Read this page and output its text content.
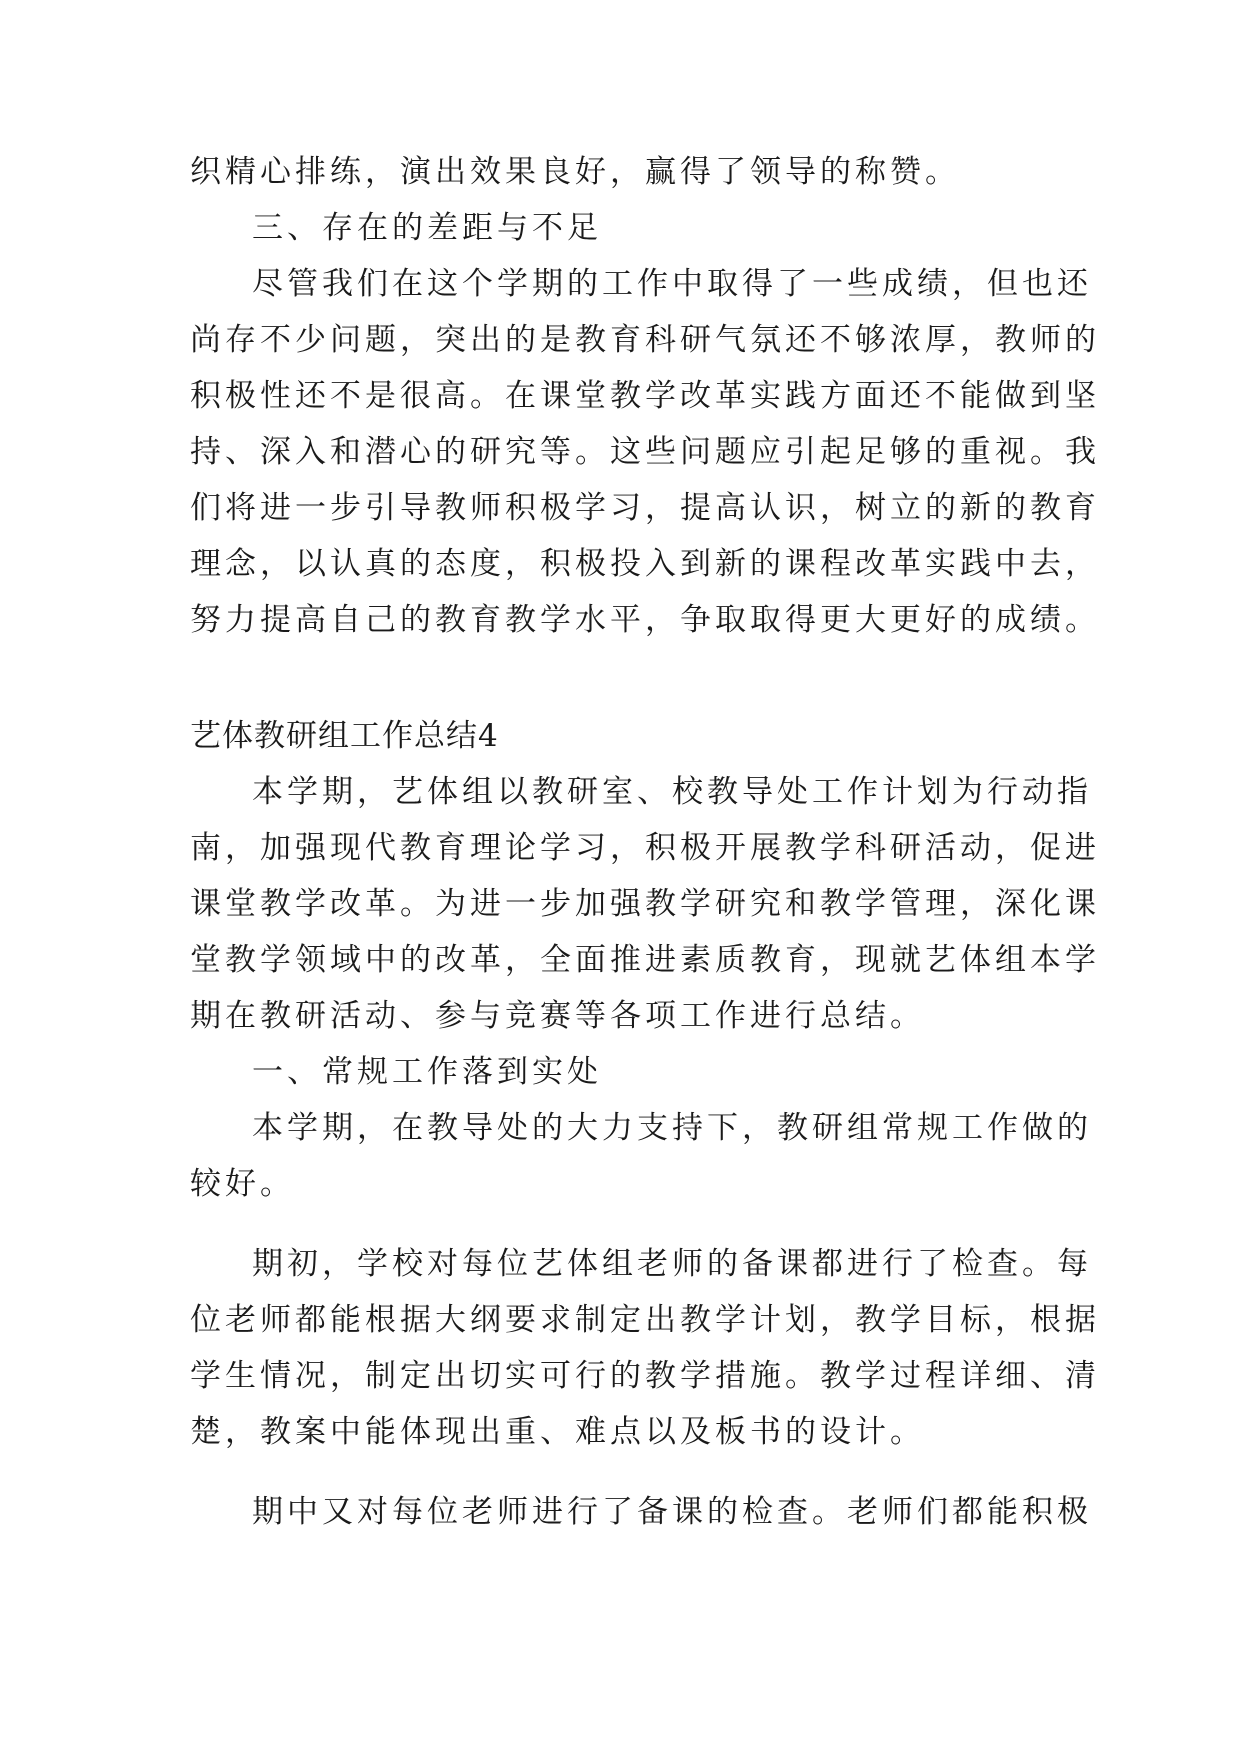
织精心排练，演出效果良好，赢得了领导的称赞。
三、存在的差距与不足
尽管我们在这个学期的工作中取得了一些成绩，但也还
尚存不少问题，突出的是教育科研气氛还不够浓厚，教师的
积极性还不是很高。在课堂教学改革实践方面还不能做到坚
持、深入和潜心的研究等。这些问题应引起足够的重视。我
们将进一步引导教师积极学习，提高认识，树立的新的教育
理念，以认真的态度，积极投入到新的课程改革实践中去，
努力提高自己的教育教学水平，争取取得更大更好的成绩。
艺体教研组工作总结4
本学期，艺体组以教研室、校教导处工作计划为行动指
南，加强现代教育理论学习，积极开展教学科研活动，促进
课堂教学改革。为进一步加强教学研究和教学管理，深化课
堂教学领域中的改革，全面推进素质教育，现就艺体组本学
期在教研活动、参与竞赛等各项工作进行总结。
一、常规工作落到实处
本学期，在教导处的大力支持下，教研组常规工作做的
较好。
期初，学校对每位艺体组老师的备课都进行了检查。每
位老师都能根据大纲要求制定出教学计划，教学目标，根据
学生情况，制定出切实可行的教学措施。教学过程详细、清
楚，教案中能体现出重、难点以及板书的设计。
期中又对每位老师进行了备课的检查。老师们都能积极
